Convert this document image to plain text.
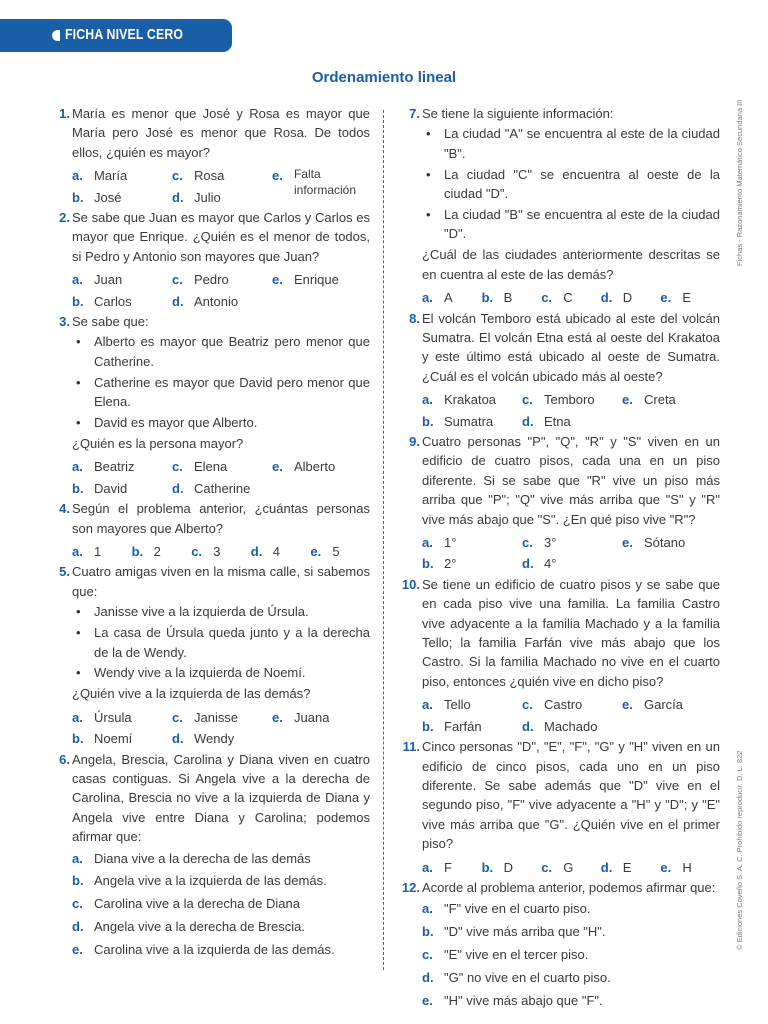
FICHA NIVEL CERO
Ordenamiento lineal
Fichas - Razonamiento Matemático Secundaria III
© Ediciones Coveño S. A. C. Prohibido reproducir. D. L. 822
1. María es menor que José y Rosa es mayor que María pero José es menor que Rosa. De todos ellos, ¿quién es mayor?
a. María	c. Rosa	e. Falta información
b. José	d. Julio
2. Se sabe que Juan es mayor que Carlos y Carlos es mayor que Enrique. ¿Quién es el menor de todos, si Pedro y Antonio son mayores que Juan?
a. Juan	c. Pedro	e. Enrique
b. Carlos	d. Antonio
3. Se sabe que:
• Alberto es mayor que Beatriz pero menor que Catherine.
• Catherine es mayor que David pero menor que Elena.
• David es mayor que Alberto.
¿Quién es la persona mayor?
a. Beatriz	c. Elena	e. Alberto
b. David	d. Catherine
4. Según el problema anterior, ¿cuántas personas son mayores que Alberto?
a. 1	b. 2	c. 3	d. 4	e. 5
5. Cuatro amigas viven en la misma calle, si sabemos que:
• Janisse vive a la izquierda de Úrsula.
• La casa de Úrsula queda junto y a la derecha de la de Wendy.
• Wendy vive a la izquierda de Noemí.
¿Quién vive a la izquierda de las demás?
a. Úrsula	c. Janisse	e. Juana
b. Noemí	d. Wendy
6. Angela, Brescia, Carolina y Diana viven en cuatro casas contiguas. Si Angela vive a la derecha de Carolina, Brescia no vive a la izquierda de Diana y Angela vive entre Diana y Carolina; podemos afirmar que:
a. Diana vive a la derecha de las demás
b. Angela vive a la izquierda de las demás.
c. Carolina vive a la derecha de Diana
d. Angela vive a la derecha de Brescia.
e. Carolina vive a la izquierda de las demás.
7. Se tiene la siguiente información:
• La ciudad "A" se encuentra al este de la ciudad "B".
• La ciudad "C" se encuentra al oeste de la ciudad "D".
• La ciudad "B" se encuentra al este de la ciudad "D".
¿Cuál de las ciudades anteriormente descritas se en cuentra al este de las demás?
a. A	b. B	c. C	d. D	e. E
8. El volcán Temboro está ubicado al este del volcán Sumatra. El volcán Etna está al oeste del Krakatoa y este último está ubicado al oeste de Sumatra. ¿Cuál es el volcán ubicado más al oeste?
a. Krakatoa	c. Temboro	e. Creta
b. Sumatra	d. Etna
9. Cuatro personas "P", "Q", "R" y "S" viven en un edificio de cuatro pisos, cada una en un piso diferente. Si se sabe que "R" vive un piso más arriba que "P"; "Q" vive más arriba que "S" y "R" vive más abajo que "S". ¿En qué piso vive "R"?
a. 1°	c. 3°	e. Sótano
b. 2°	d. 4°
10. Se tiene un edificio de cuatro pisos y se sabe que en cada piso vive una familia. La familia Castro vive adyacente a la familia Machado y a la familia Tello; la familia Farfán vive más abajo que los Castro. Si la familia Machado no vive en el cuarto piso, entonces ¿quién vive en dicho piso?
a. Tello	c. Castro	e. García
b. Farfán	d. Machado
11. Cinco personas "D", "E", "F", "G" y "H" viven en un edificio de cinco pisos, cada uno en un piso diferente. Se sabe además que "D" vive en el segundo piso, "F" vive adyacente a "H" y "D"; y "E" vive más arriba que "G". ¿Quién vive en el primer piso?
a. F	b. D	c. G	d. E	e. H
12. Acorde al problema anterior, podemos afirmar que:
a. "F" vive en el cuarto piso.
b. "D" vive más arriba que "H".
c. "E" vive en el tercer piso.
d. "G" no vive en el cuarto piso.
e. "H" vive más abajo que "F".
